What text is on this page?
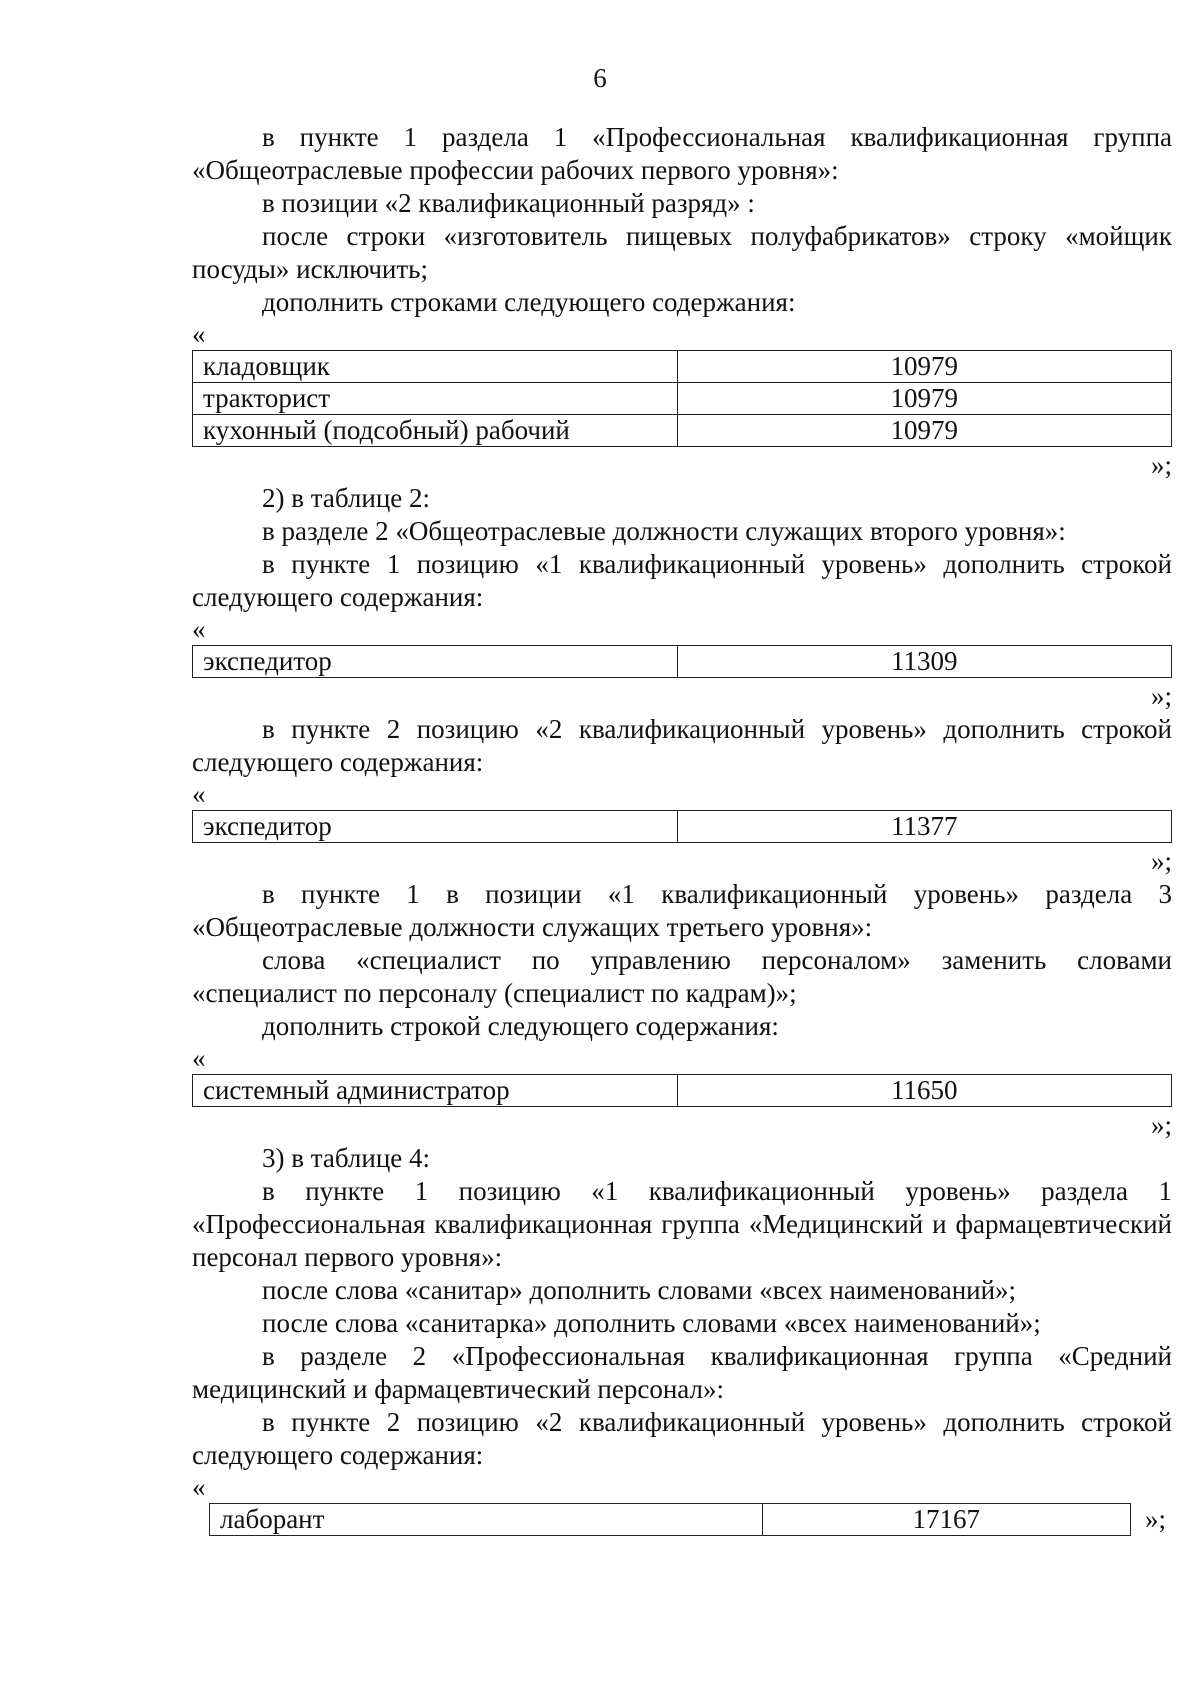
6

в пункте 1 раздела 1 «Профессиональная квалификационная группа «Общеотраслевые профессии рабочих первого уровня»:

в позиции «2 квалификационный разряд» :

после строки «изготовитель пищевых полуфабрикатов» строку «мойщик посуды» исключить;

дополнить строками следующего содержания:

«
кладовщик	10979
тракторист	10979
кухонный (подсобный) рабочий	10979
»;

2) в таблице 2:

в разделе 2 «Общеотраслевые должности служащих второго уровня»:

в пункте 1 позицию «1 квалификационный уровень» дополнить строкой следующего содержания:

«
экспедитор	11309
»;

в пункте 2 позицию «2 квалификационный уровень» дополнить строкой следующего содержания:

«
экспедитор	11377
»;

в пункте 1 в позиции «1 квалификационный уровень» раздела 3 «Общеотраслевые должности служащих третьего уровня»:

слова «специалист по управлению персоналом» заменить словами «специалист по персоналу (специалист по кадрам)»;

дополнить строкой следующего содержания:

«
системный администратор	11650
»;

3) в таблице 4:

в пункте 1 позицию «1 квалификационный уровень» раздела 1 «Профессиональная квалификационная группа «Медицинский и фармацевтический персонал первого уровня»:

после слова «санитар» дополнить словами «всех наименований»;

после слова «санитарка» дополнить словами «всех наименований»;

в разделе 2 «Профессиональная квалификационная группа «Средний медицинский и фармацевтический персонал»:

в пункте 2 позицию «2 квалификационный уровень» дополнить строкой следующего содержания:

«
лаборант	17167	»;
